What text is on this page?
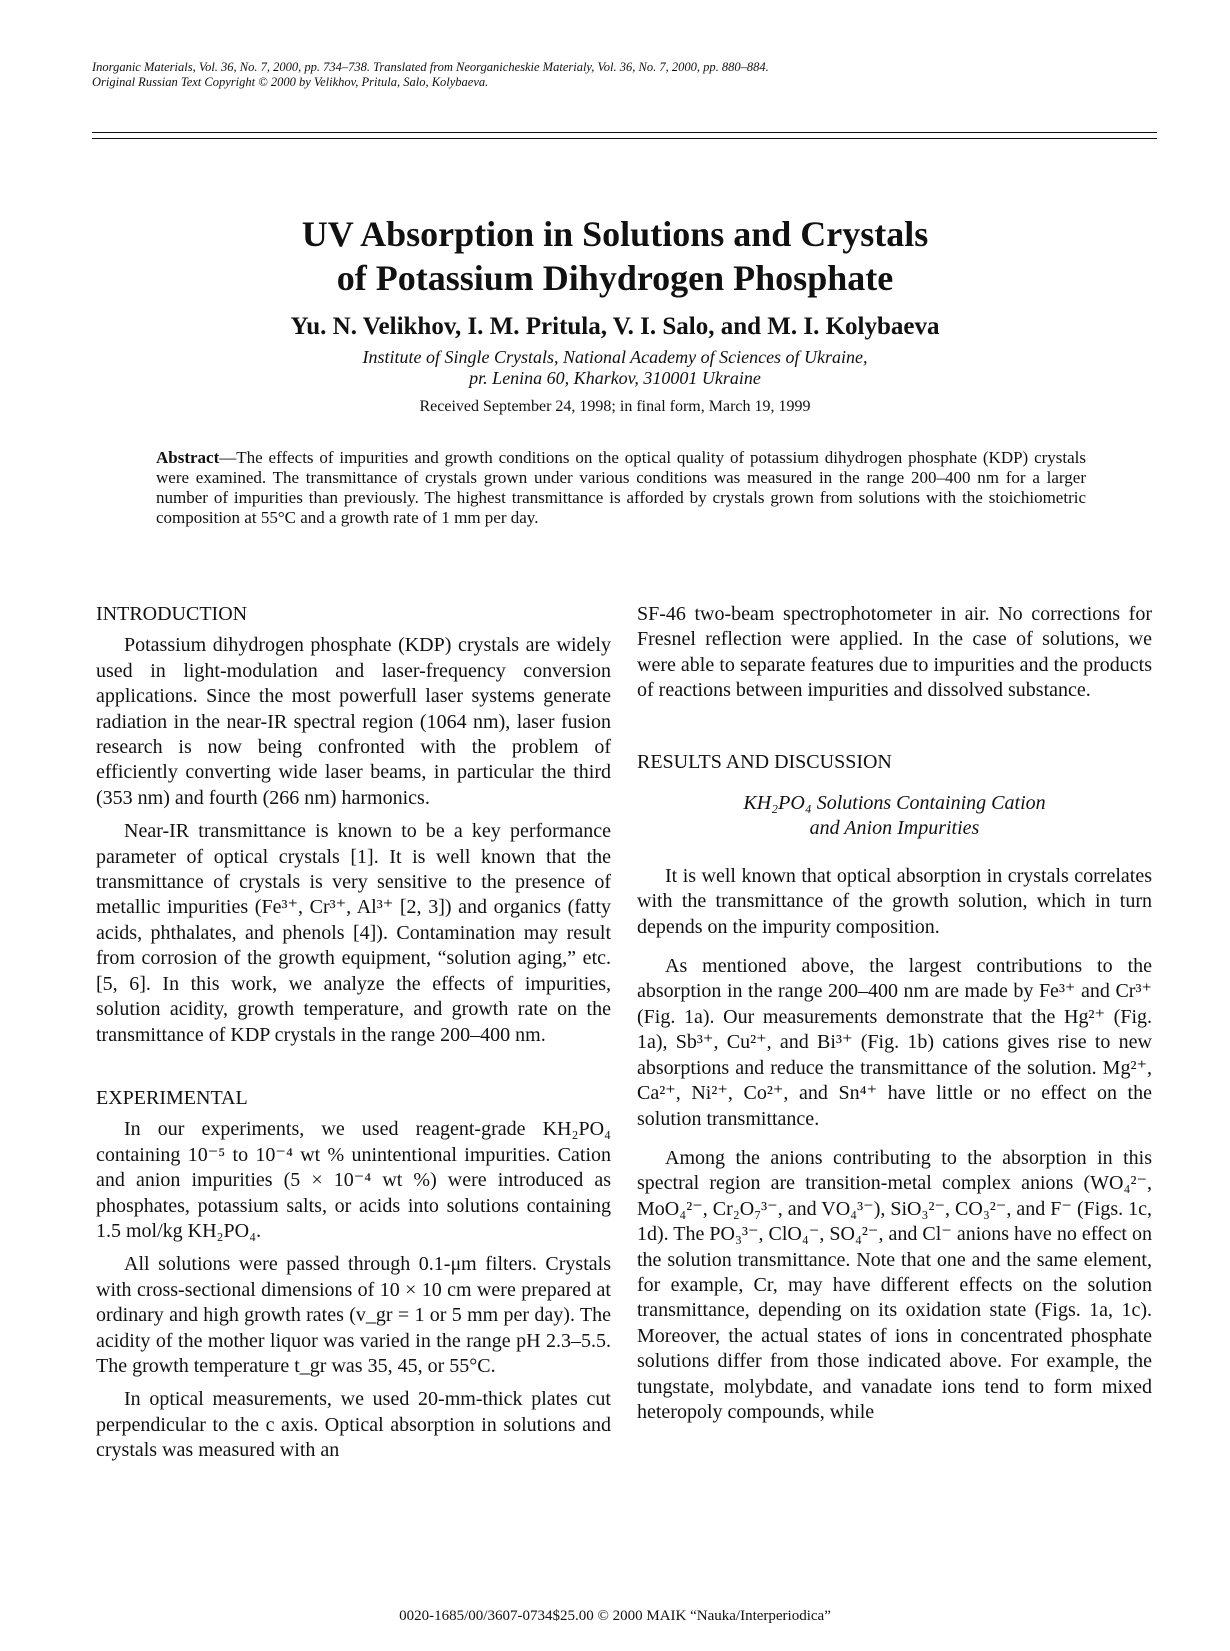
Inorganic Materials, Vol. 36, No. 7, 2000, pp. 734–738. Translated from Neorganicheskie Materialy, Vol. 36, No. 7, 2000, pp. 880–884.
Original Russian Text Copyright © 2000 by Velikhov, Pritula, Salo, Kolybaeva.
UV Absorption in Solutions and Crystals
of Potassium Dihydrogen Phosphate
Yu. N. Velikhov, I. M. Pritula, V. I. Salo, and M. I. Kolybaeva
Institute of Single Crystals, National Academy of Sciences of Ukraine,
pr. Lenina 60, Kharkov, 310001 Ukraine
Received September 24, 1998; in final form, March 19, 1999
Abstract—The effects of impurities and growth conditions on the optical quality of potassium dihydrogen phosphate (KDP) crystals were examined. The transmittance of crystals grown under various conditions was measured in the range 200–400 nm for a larger number of impurities than previously. The highest transmittance is afforded by crystals grown from solutions with the stoichiometric composition at 55°C and a growth rate of 1 mm per day.

INTRODUCTION

Potassium dihydrogen phosphate (KDP) crystals are widely used in light-modulation and laser-frequency conversion applications. Since the most powerfull laser systems generate radiation in the near-IR spectral region (1064 nm), laser fusion research is now being confronted with the problem of efficiently converting wide laser beams, in particular the third (353 nm) and fourth (266 nm) harmonics.

Near-IR transmittance is known to be a key performance parameter of optical crystals [1]. It is well known that the transmittance of crystals is very sensitive to the presence of metallic impurities (Fe³⁺, Cr³⁺, Al³⁺ [2, 3]) and organics (fatty acids, phthalates, and phenols [4]). Contamination may result from corrosion of the growth equipment, “solution aging,” etc. [5, 6]. In this work, we analyze the effects of impurities, solution acidity, growth temperature, and growth rate on the transmittance of KDP crystals in the range 200–400 nm.

EXPERIMENTAL

In our experiments, we used reagent-grade KH₂PO₄ containing 10⁻⁵ to 10⁻⁴ wt % unintentional impurities. Cation and anion impurities (5 × 10⁻⁴ wt %) were introduced as phosphates, potassium salts, or acids into solutions containing 1.5 mol/kg KH₂PO₄.

All solutions were passed through 0.1-μm filters. Crystals with cross-sectional dimensions of 10 × 10 cm were prepared at ordinary and high growth rates (v_gr = 1 or 5 mm per day). The acidity of the mother liquor was varied in the range pH 2.3–5.5. The growth temperature t_gr was 35, 45, or 55°C.

In optical measurements, we used 20-mm-thick plates cut perpendicular to the c axis. Optical absorption in solutions and crystals was measured with an

SF-46 two-beam spectrophotometer in air. No corrections for Fresnel reflection were applied. In the case of solutions, we were able to separate features due to impurities and the products of reactions between impurities and dissolved substance.

RESULTS AND DISCUSSION

KH₂PO₄ Solutions Containing Cation
and Anion Impurities

It is well known that optical absorption in crystals correlates with the transmittance of the growth solution, which in turn depends on the impurity composition.

As mentioned above, the largest contributions to the absorption in the range 200–400 nm are made by Fe³⁺ and Cr³⁺ (Fig. 1a). Our measurements demonstrate that the Hg²⁺ (Fig. 1a), Sb³⁺, Cu²⁺, and Bi³⁺ (Fig. 1b) cations gives rise to new absorptions and reduce the transmittance of the solution. Mg²⁺, Ca²⁺, Ni²⁺, Co²⁺, and Sn⁴⁺ have little or no effect on the solution transmittance.

Among the anions contributing to the absorption in this spectral region are transition-metal complex anions (WO₄²⁻, MoO₄²⁻, Cr₂O₇³⁻, and VO₄³⁻), SiO₃²⁻, CO₃²⁻, and F⁻ (Figs. 1c, 1d). The PO₃³⁻, ClO₄⁻, SO₄²⁻, and Cl⁻ anions have no effect on the solution transmittance. Note that one and the same element, for example, Cr, may have different effects on the solution transmittance, depending on its oxidation state (Figs. 1a, 1c). Moreover, the actual states of ions in concentrated phosphate solutions differ from those indicated above. For example, the tungstate, molybdate, and vanadate ions tend to form mixed heteropoly compounds, while

0020-1685/00/3607-0734$25.00 © 2000 MAIK “Nauka/Interperiodica”
